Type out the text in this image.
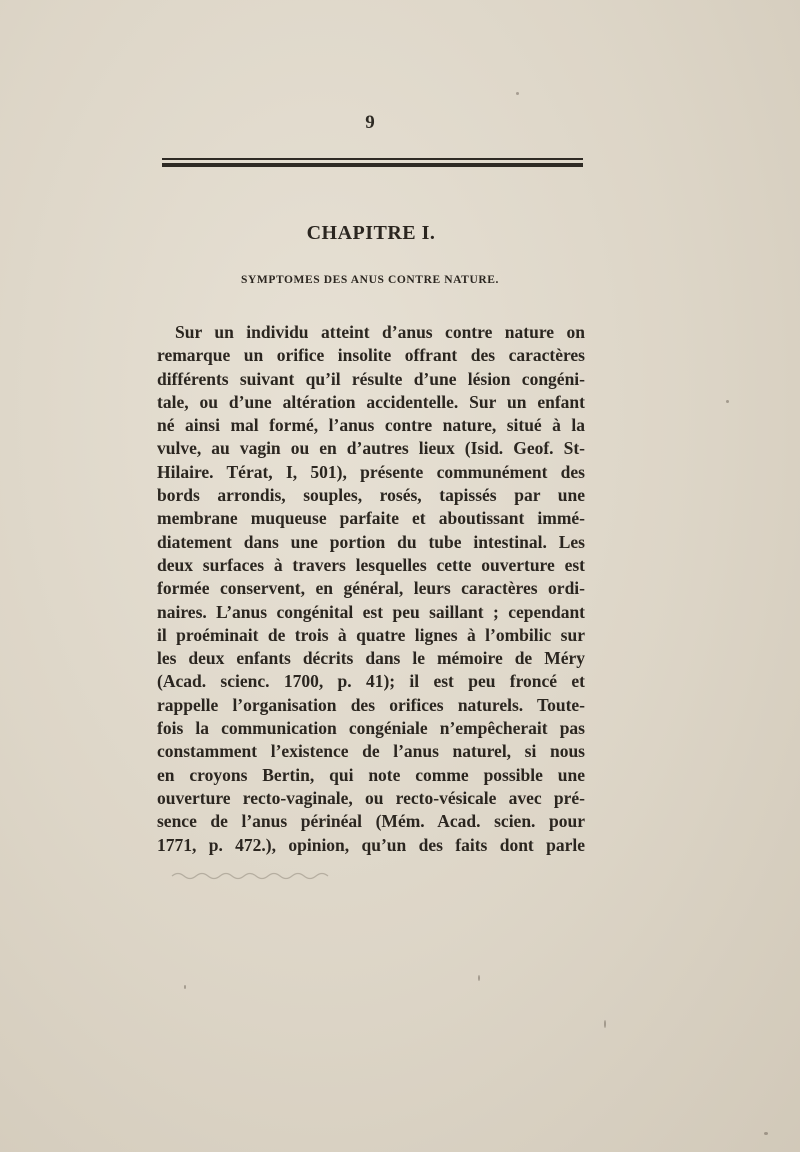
9
CHAPITRE I.
SYMPTOMES DES ANUS CONTRE NATURE.
Sur un individu atteint d’anus contre nature on
remarque un orifice insolite offrant des caractères
différents suivant qu’il résulte d’une lésion congéni-
tale, ou d’une altération accidentelle. Sur un enfant
né ainsi mal formé, l’anus contre nature, situé à la
vulve, au vagin ou en d’autres lieux (Isid. Geof. St-
Hilaire. Térat, I, 501), présente communément des
bords arrondis, souples, rosés, tapissés par une
membrane muqueuse parfaite et aboutissant immé-
diatement dans une portion du tube intestinal. Les
deux surfaces à travers lesquelles cette ouverture est
formée conservent, en général, leurs caractères ordi-
naires. L’anus congénital est peu saillant ; cependant
il proéminait de trois à quatre lignes à l’ombilic sur
les deux enfants décrits dans le mémoire de Méry
(Acad. scienc. 1700, p. 41); il est peu froncé et
rappelle l’organisation des orifices naturels. Toute-
fois la communication congéniale n’empêcherait pas
constamment l’existence de l’anus naturel, si nous
en croyons Bertin, qui note comme possible une
ouverture recto-vaginale, ou recto-vésicale avec pré-
sence de l’anus périnéal (Mém. Acad. scien. pour
1771, p. 472.), opinion, qu’un des faits dont parle
